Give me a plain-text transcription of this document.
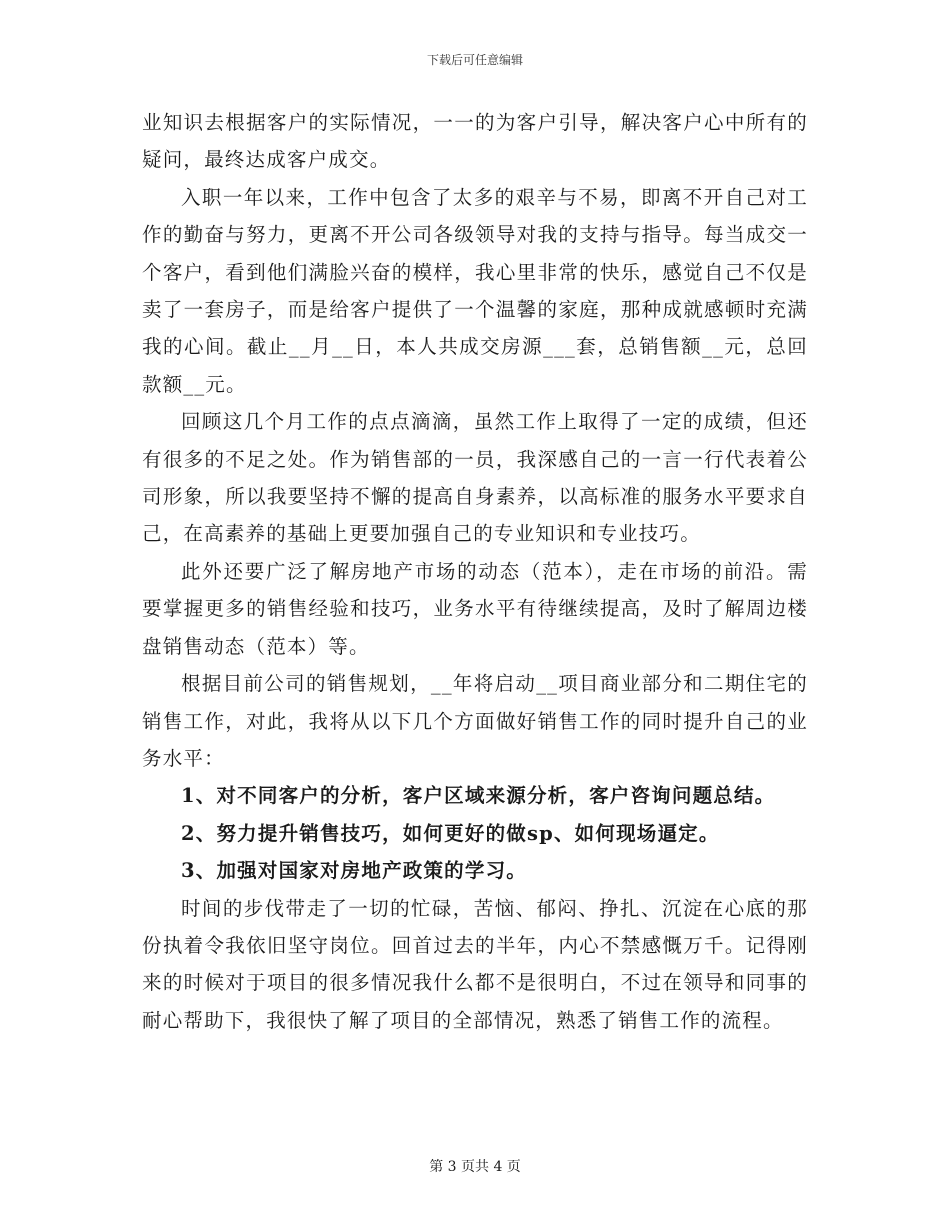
下载后可任意编辑

业知识去根据客户的实际情况，一一的为客户引导，解决客户心中所有的疑问，最终达成客户成交。

入职一年以来，工作中包含了太多的艰辛与不易，即离不开自己对工作的勤奋与努力，更离不开公司各级领导对我的支持与指导。每当成交一个客户，看到他们满脸兴奋的模样，我心里非常的快乐，感觉自己不仅是卖了一套房子，而是给客户提供了一个温馨的家庭，那种成就感顿时充满我的心间。截止__月__日，本人共成交房源___套，总销售额__元，总回款额__元。

回顾这几个月工作的点点滴滴，虽然工作上取得了一定的成绩，但还有很多的不足之处。作为销售部的一员，我深感自己的一言一行代表着公司形象，所以我要坚持不懈的提高自身素养，以高标准的服务水平要求自己，在高素养的基础上更要加强自己的专业知识和专业技巧。

此外还要广泛了解房地产市场的动态（范本），走在市场的前沿。需要掌握更多的销售经验和技巧，业务水平有待继续提高，及时了解周边楼盘销售动态（范本）等。

根据目前公司的销售规划，__年将启动__项目商业部分和二期住宅的销售工作，对此，我将从以下几个方面做好销售工作的同时提升自己的业务水平：

1、对不同客户的分析，客户区域来源分析，客户咨询问题总结。

2、努力提升销售技巧，如何更好的做sp、如何现场逼定。

3、加强对国家对房地产政策的学习。

时间的步伐带走了一切的忙碌，苦恼、郁闷、挣扎、沉淀在心底的那份执着令我依旧坚守岗位。回首过去的半年，内心不禁感慨万千。记得刚来的时候对于项目的很多情况我什么都不是很明白，不过在领导和同事的耐心帮助下，我很快了解了项目的全部情况，熟悉了销售工作的流程。

第 3 页共 4 页
